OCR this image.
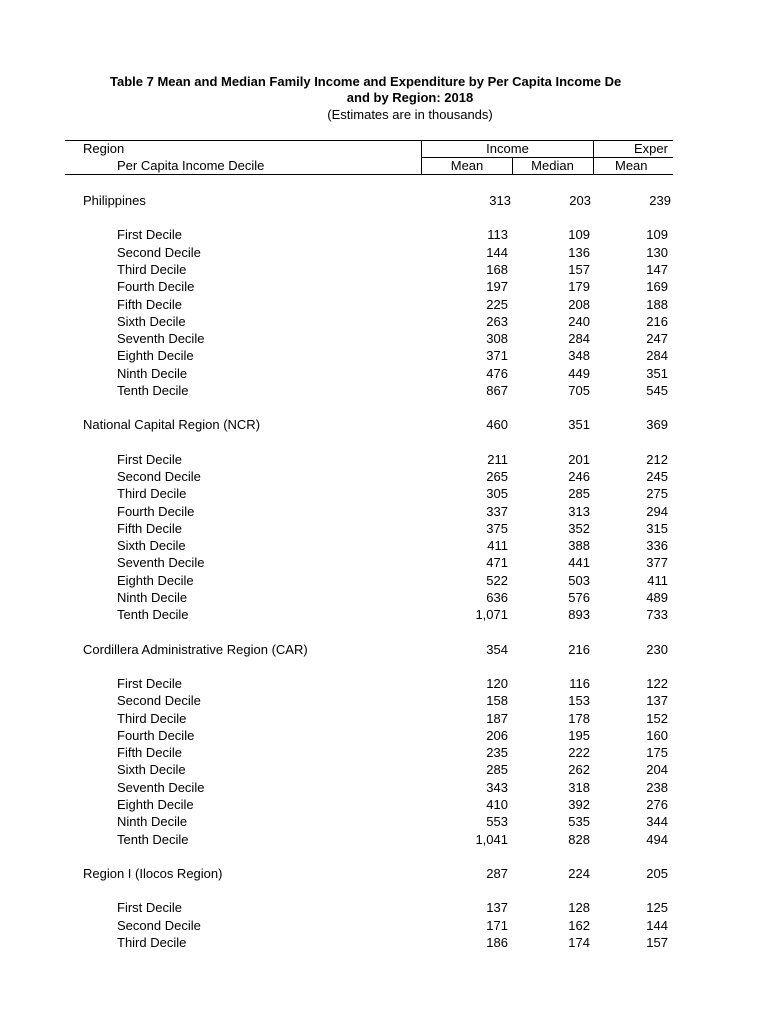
Table 7 Mean and Median Family Income and Expenditure by Per Capita Income De
and by Region: 2018
(Estimates are in thousands)
Region
Per Capita Income Decile
Income	Exper
Mean	Median	Mean
Philippines	313	203	239
First Decile	113	109	109
Second Decile	144	136	130
Third Decile	168	157	147
Fourth Decile	197	179	169
Fifth Decile	225	208	188
Sixth Decile	263	240	216
Seventh Decile	308	284	247
Eighth Decile	371	348	284
Ninth Decile	476	449	351
Tenth Decile	867	705	545
National Capital Region (NCR)	460	351	369
First Decile	211	201	212
Second Decile	265	246	245
Third Decile	305	285	275
Fourth Decile	337	313	294
Fifth Decile	375	352	315
Sixth Decile	411	388	336
Seventh Decile	471	441	377
Eighth Decile	522	503	411
Ninth Decile	636	576	489
Tenth Decile	1,071	893	733
Cordillera Administrative Region (CAR)	354	216	230
First Decile	120	116	122
Second Decile	158	153	137
Third Decile	187	178	152
Fourth Decile	206	195	160
Fifth Decile	235	222	175
Sixth Decile	285	262	204
Seventh Decile	343	318	238
Eighth Decile	410	392	276
Ninth Decile	553	535	344
Tenth Decile	1,041	828	494
Region I (Ilocos Region)	287	224	205
First Decile	137	128	125
Second Decile	171	162	144
Third Decile	186	174	157
